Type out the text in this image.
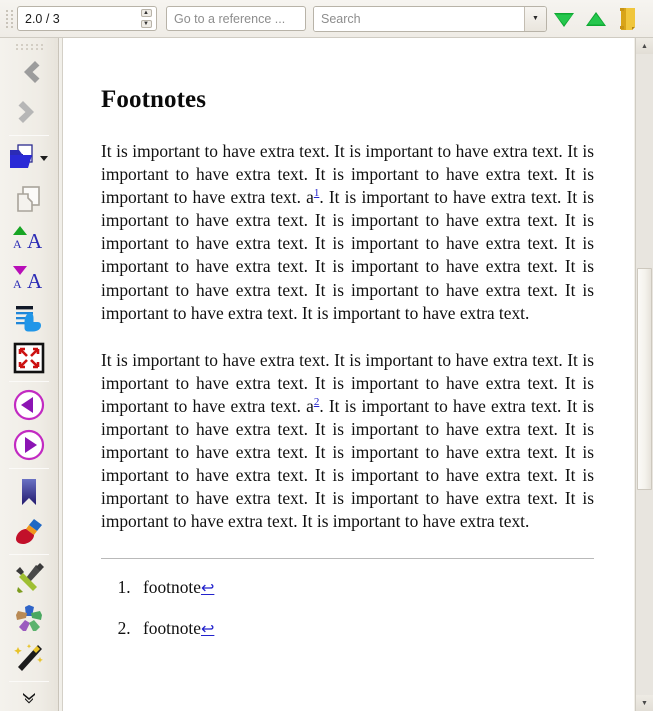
2.0 / 3	▲
▼ Go to a reference ...	Search	▼
A A
A A
Footnotes

It is important to have extra text. It is important to have extra text. It is important to have extra text. It is important to have extra text. It is important to have extra text. a$^1$. It is important to have extra text. It is important to have extra text. It is important to have extra text. It is important to have extra text. It is important to have extra text. It is important to have extra text. It is important to have extra text. It is important to have extra text. It is important to have extra text. It is important to have extra text. It is important to have extra text.

It is important to have extra text. It is important to have extra text. It is important to have extra text. It is important to have extra text. It is important to have extra text. a$^2$. It is important to have extra text. It is important to have extra text. It is important to have extra text. It is important to have extra text. It is important to have extra text. It is important to have extra text. It is important to have extra text. It is important to have extra text. It is important to have extra text. It is important to have extra text. It is important to have extra text.

1. footnote↩
2. footnote↩
▲
▼
